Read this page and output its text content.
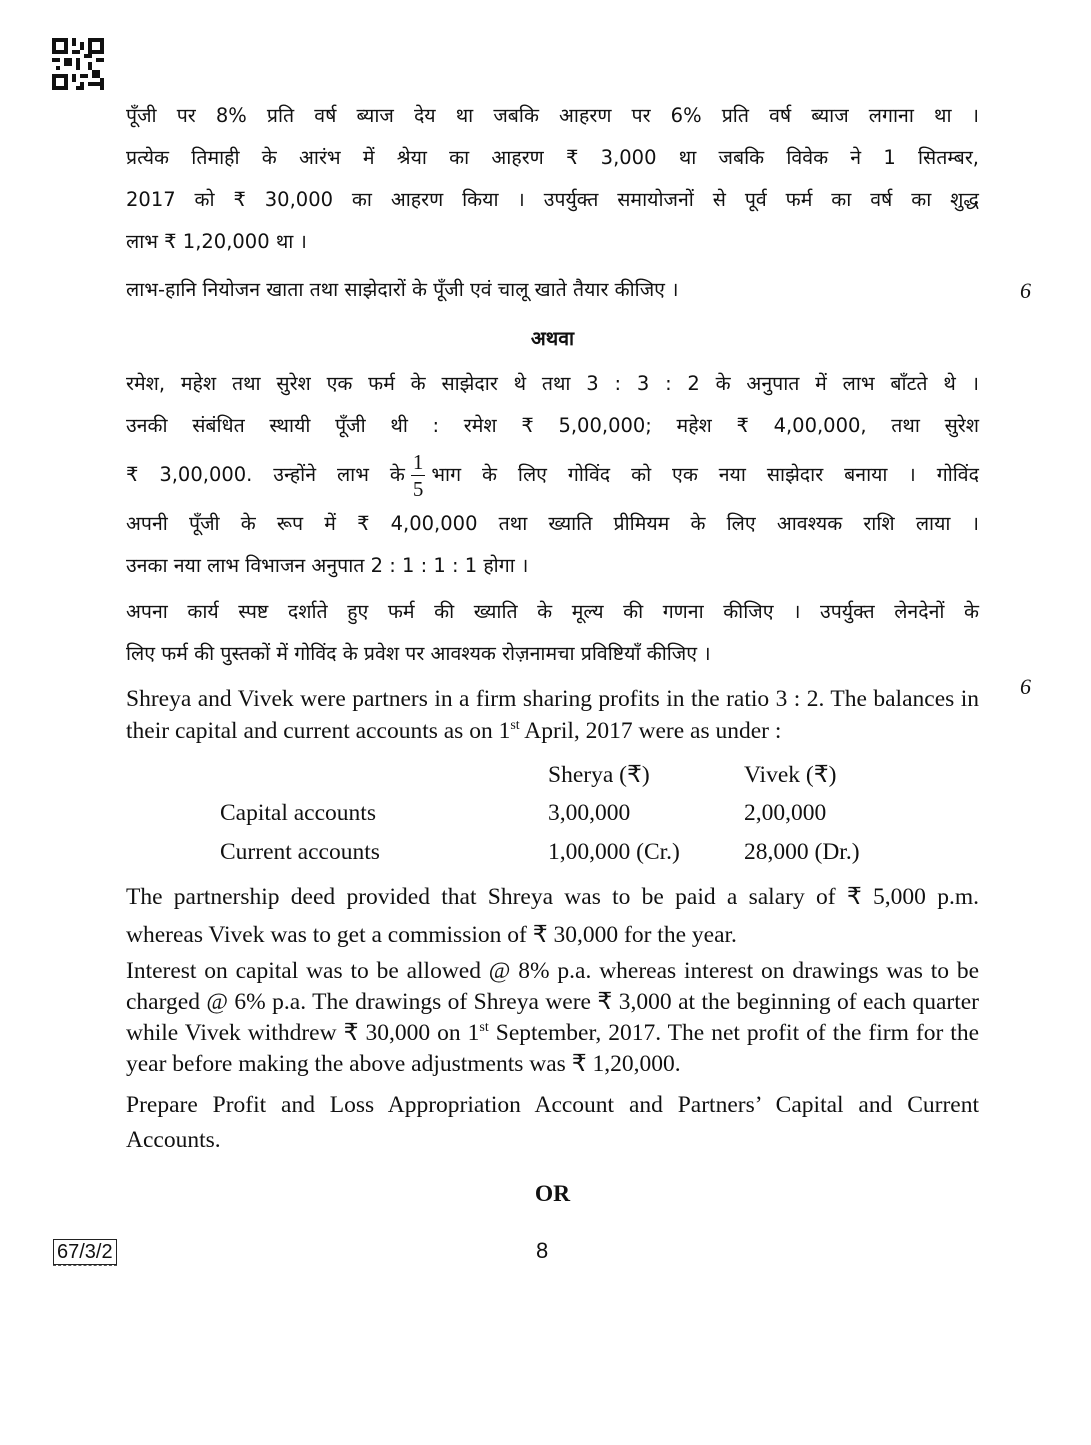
पूँजी पर 8% प्रति वर्ष ब्याज देय था जबकि आहरण पर 6% प्रति वर्ष ब्याज लगाना था ।

प्रत्येक तिमाही के आरंभ में श्रेया का आहरण ₹ 3,000 था जबकि विवेक ने 1 सितम्बर,

2017 को ₹ 30,000 का आहरण किया । उपर्युक्त समायोजनों से पूर्व फर्म का वर्ष का शुद्ध

लाभ ₹ 1,20,000 था ।

लाभ-हानि नियोजन खाता तथा साझेदारों के पूँजी एवं चालू खाते तैयार कीजिए ।

अथवा

रमेश, महेश तथा सुरेश एक फर्म के साझेदार थे तथा 3 : 3 : 2 के अनुपात में लाभ बाँटते थे ।

उनकी संबंधित स्थायी पूँजी थी : रमेश ₹ 5,00,000; महेश ₹ 4,00,000, तथा सुरेश

₹ 3,00,000. उन्होंने लाभ के $\frac{1}{5}$ भाग के लिए गोविंद को एक नया साझेदार बनाया । गोविंद

अपनी पूँजी के रूप में ₹ 4,00,000 तथा ख्याति प्रीमियम के लिए आवश्यक राशि लाया ।

उनका नया लाभ विभाजन अनुपात 2 : 1 : 1 : 1 होगा ।

अपना कार्य स्पष्ट दर्शाते हुए फर्म की ख्याति के मूल्य की गणना कीजिए । उपर्युक्त लेनदेनों के

लिए फर्म की पुस्तकों में गोविंद के प्रवेश पर आवश्यक रोज़नामचा प्रविष्टियाँ कीजिए ।

Shreya and Vivek were partners in a firm sharing profits in the ratio 3 : 2. The balances in their capital and current accounts as on 1st April, 2017 were as under :

	Sherya (₹)	Vivek (₹)
Capital accounts	3,00,000	2,00,000
Current accounts	1,00,000 (Cr.)	28,000 (Dr.)

The partnership deed provided that Shreya was to be paid a salary of ₹ 5,000 p.m. whereas Vivek was to get a commission of ₹ 30,000 for the year.

Interest on capital was to be allowed @ 8% p.a. whereas interest on drawings was to be charged @ 6% p.a. The drawings of Shreya were ₹ 3,000 at the beginning of each quarter while Vivek withdrew ₹ 30,000 on 1st September, 2017. The net profit of the firm for the year before making the above adjustments was ₹ 1,20,000.

Prepare Profit and Loss Appropriation Account and Partners’ Capital and Current Accounts.

OR

6
6
67/3/2	8
